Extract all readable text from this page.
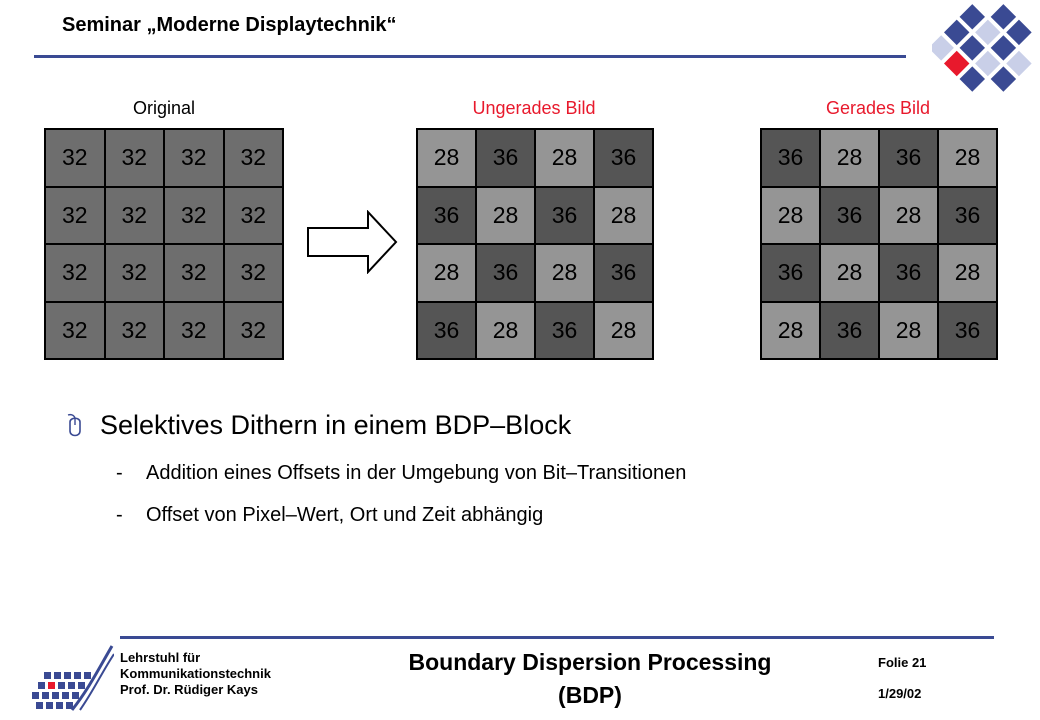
Seminar „Moderne Displaytechnik“
Original	Ungerades Bild	Gerades Bild
32	32	32	32
32	32	32	32
32	32	32	32
32	32	32	32
28	36	28	36
36	28	36	28
28	36	28	36
36	28	36	28
36	28	36	28
28	36	28	36
36	28	36	28
28	36	28	36
Selektives Dithern in einem BDP–Block
- Addition eines Offsets in der Umgebung von Bit–Transitionen
- Offset von Pixel–Wert, Ort und Zeit abhängig
Lehrstuhl für
Kommunikationstechnik
Prof. Dr. Rüdiger Kays
Boundary Dispersion Processing
(BDP)
Folie 21
1/29/02
